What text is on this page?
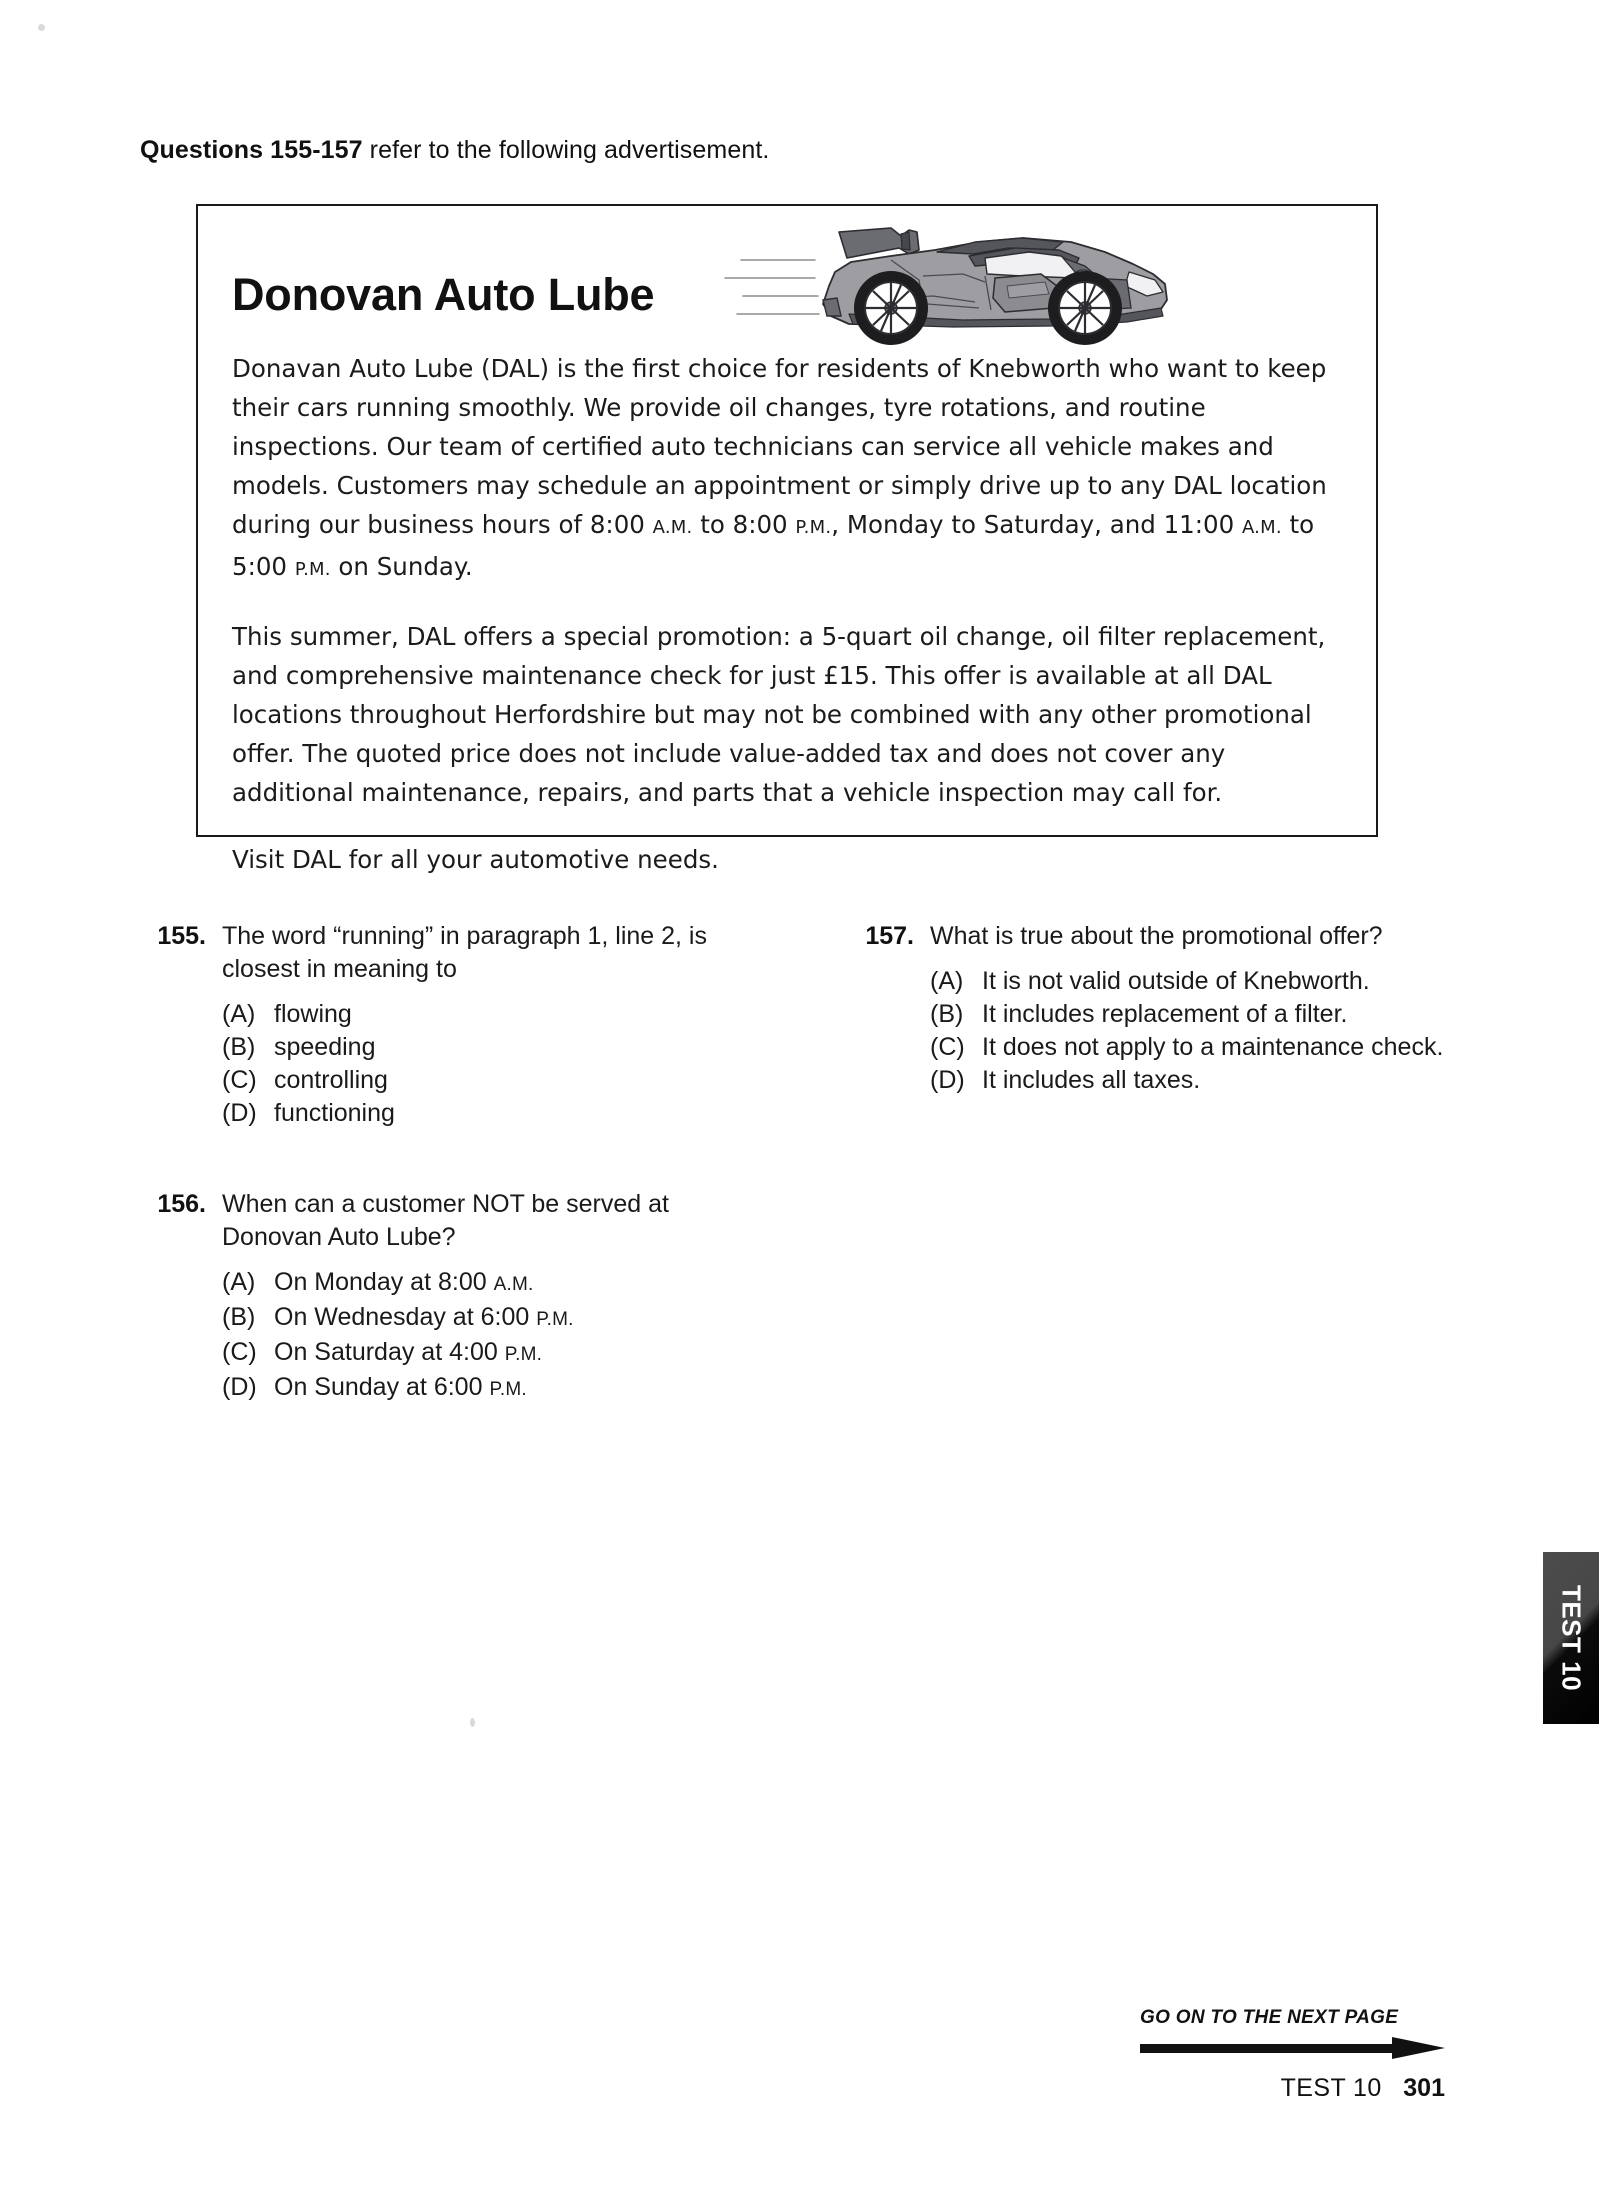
Questions 155-157 refer to the following advertisement.
Donovan Auto Lube

Donavan Auto Lube (DAL) is the first choice for residents of Knebworth who want to keep their cars running smoothly. We provide oil changes, tyre rotations, and routine inspections. Our team of certified auto technicians can service all vehicle makes and models. Customers may schedule an appointment or simply drive up to any DAL location during our business hours of 8:00 A.M. to 8:00 P.M., Monday to Saturday, and 11:00 A.M. to 5:00 P.M. on Sunday.

This summer, DAL offers a special promotion: a 5-quart oil change, oil filter replacement, and comprehensive maintenance check for just £15. This offer is available at all DAL locations throughout Herfordshire but may not be combined with any other promotional offer. The quoted price does not include value-added tax and does not cover any additional maintenance, repairs, and parts that a vehicle inspection may call for.

Visit DAL for all your automotive needs.

155. The word “running” in paragraph 1, line 2, is closest in meaning to
(A) flowing
(B) speeding
(C) controlling
(D) functioning
156. When can a customer NOT be served at Donovan Auto Lube?
(A) On Monday at 8:00 A.M.
(B) On Wednesday at 6:00 P.M.
(C) On Saturday at 4:00 P.M.
(D) On Sunday at 6:00 P.M.
157. What is true about the promotional offer?
(A) It is not valid outside of Knebworth.
(B) It includes replacement of a filter.
(C) It does not apply to a maintenance check.
(D) It includes all taxes.
TEST 10
GO ON TO THE NEXT PAGE
TEST 10   301
